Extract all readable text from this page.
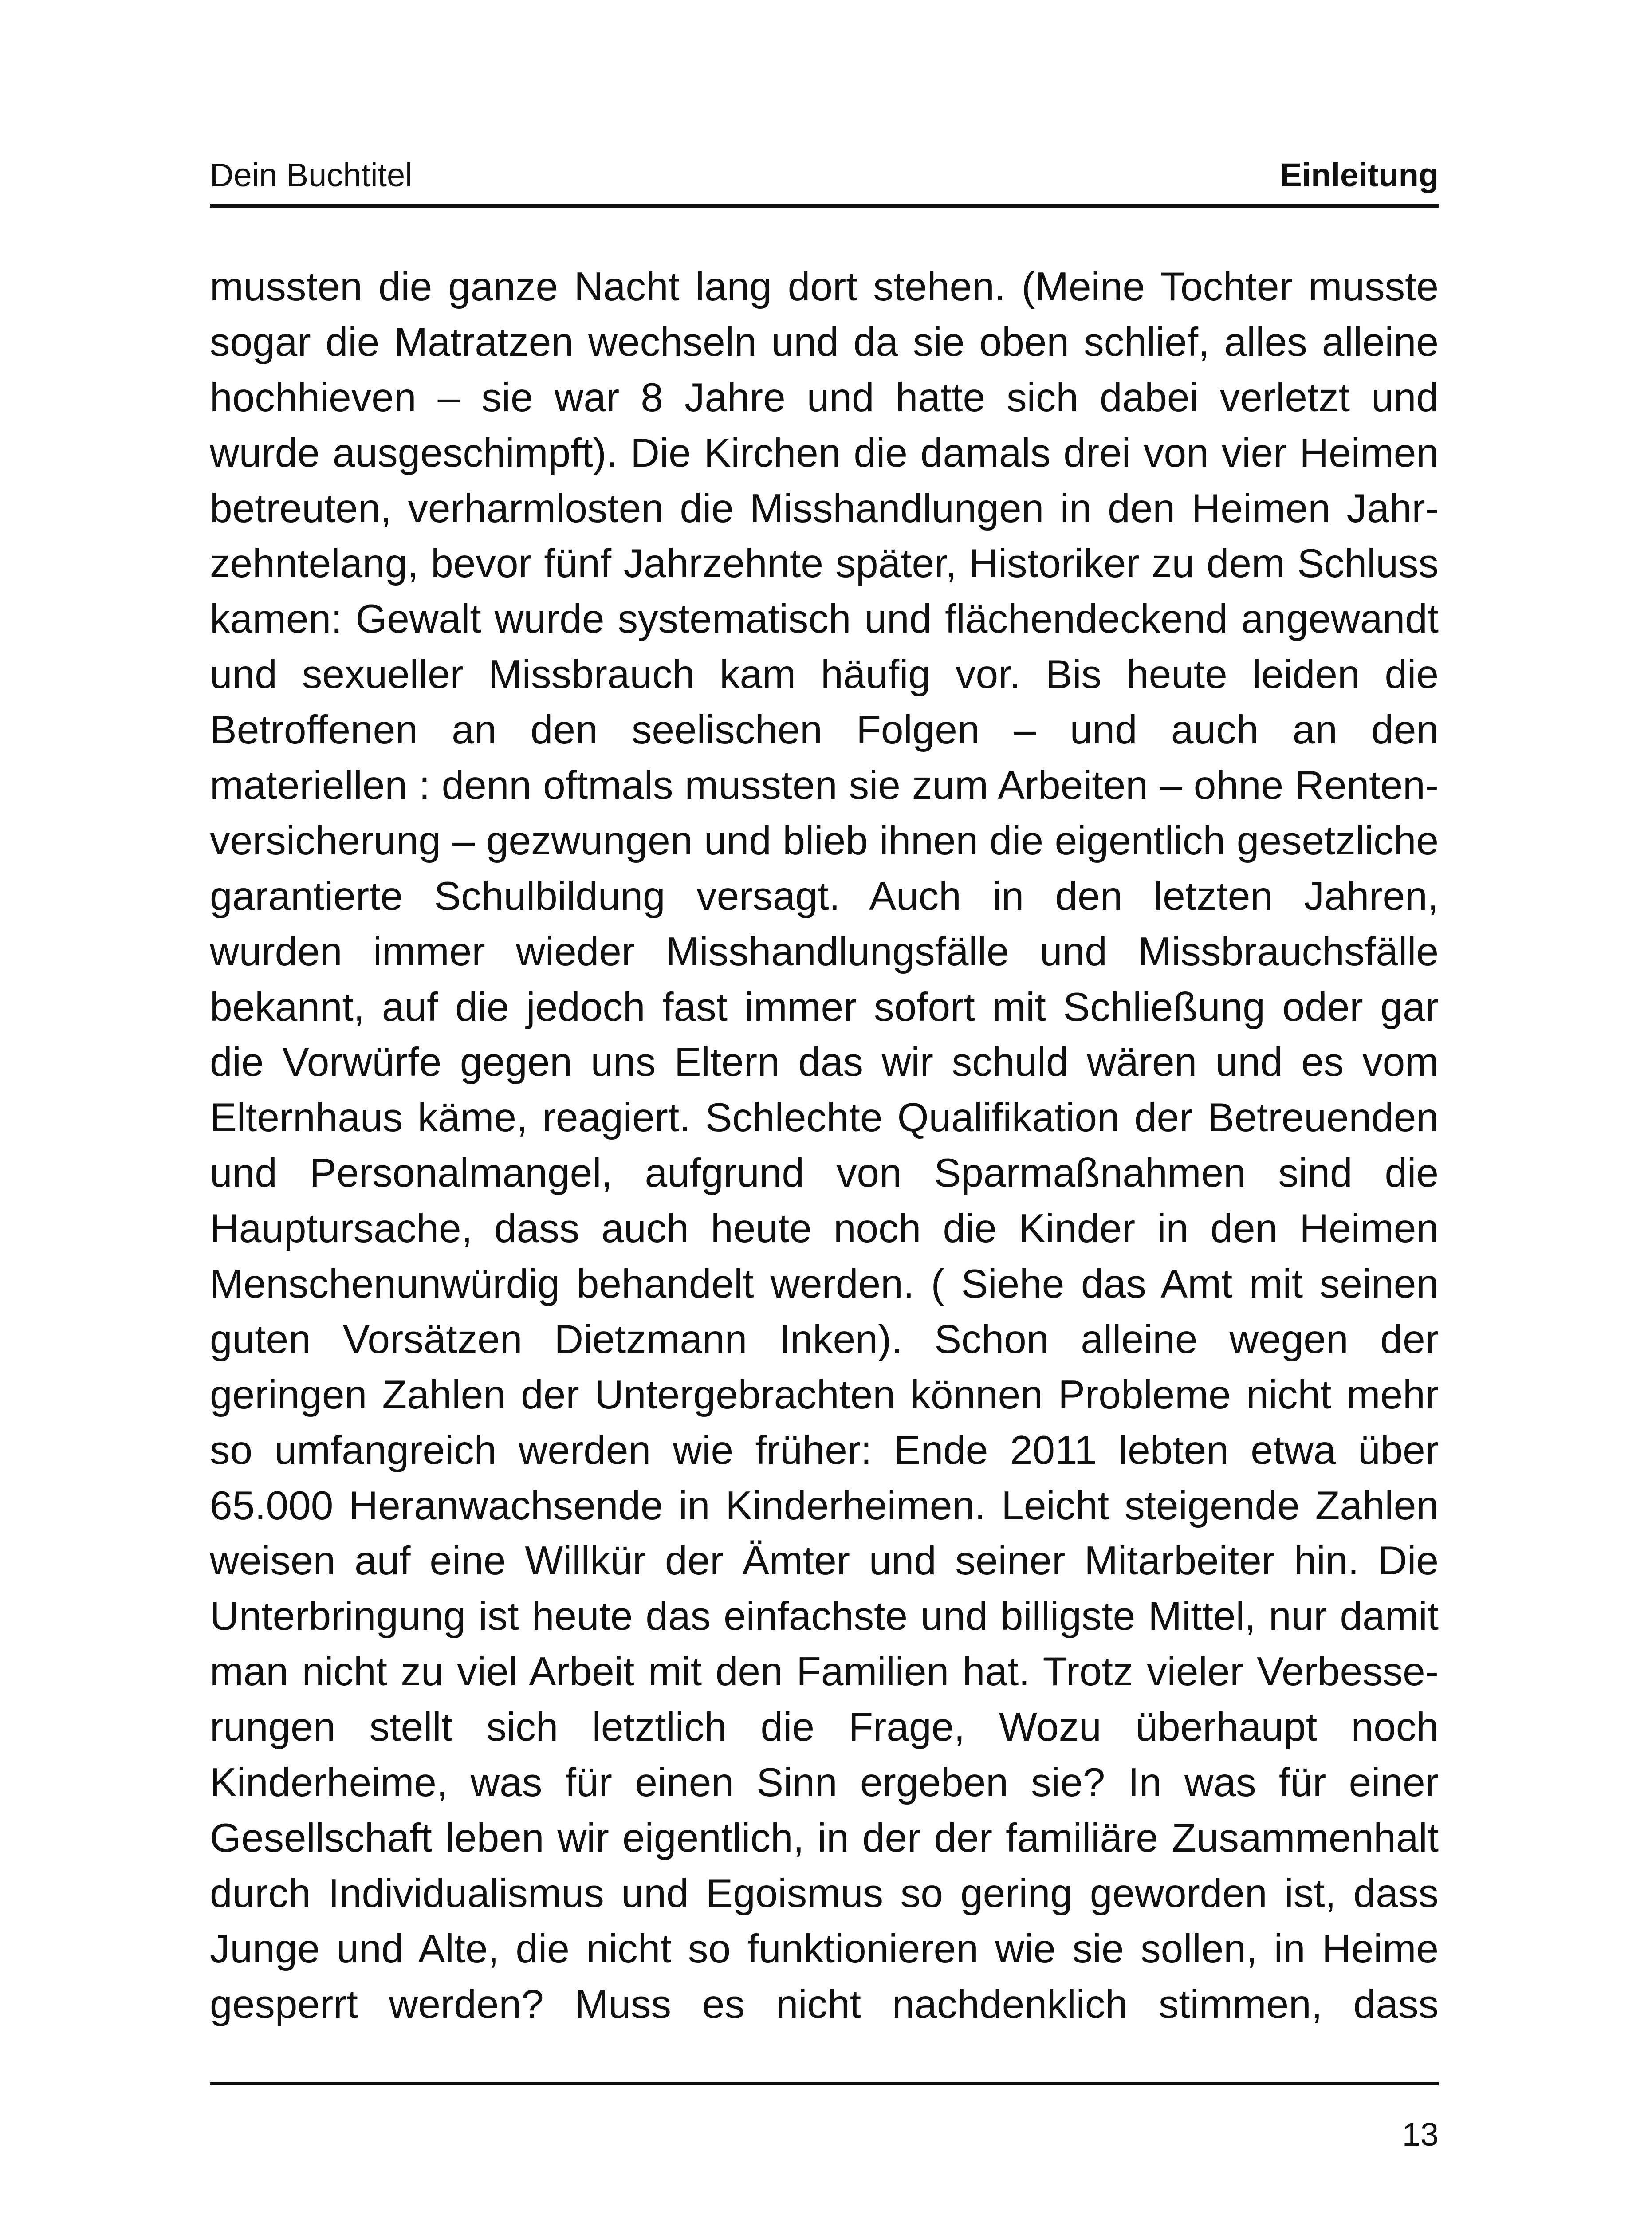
Dein Buchtitel	Einleitung
mussten die ganze Nacht lang dort stehen. (Meine Tochter musste
sogar die Matratzen wechseln und da sie oben schlief, alles alleine
hochhieven – sie war 8 Jahre und hatte sich dabei verletzt und
wurde ausgeschimpft). Die Kirchen die damals drei von vier Heimen
betreuten, verharmlosten die Misshandlungen in den Heimen Jahr-
zehntelang, bevor fünf Jahrzehnte später, Historiker zu dem Schluss
kamen: Gewalt wurde systematisch und flächendeckend angewandt
und sexueller Missbrauch kam häufig vor. Bis heute leiden die
Betroffenen an den seelischen Folgen – und auch an den
materiellen : denn oftmals mussten sie zum Arbeiten – ohne Renten-
versicherung – gezwungen und blieb ihnen die eigentlich gesetzliche
garantierte Schulbildung versagt. Auch in den letzten Jahren,
wurden immer wieder Misshandlungsfälle und Missbrauchsfälle
bekannt, auf die jedoch fast immer sofort mit Schließung oder gar
die Vorwürfe gegen uns Eltern das wir schuld wären und es vom
Elternhaus käme, reagiert. Schlechte Qualifikation der Betreuenden
und Personalmangel, aufgrund von Sparmaßnahmen sind die
Hauptursache, dass auch heute noch die Kinder in den Heimen
Menschenunwürdig behandelt werden. ( Siehe das Amt mit seinen
guten Vorsätzen Dietzmann Inken). Schon alleine wegen der
geringen Zahlen der Untergebrachten können Probleme nicht mehr
so umfangreich werden wie früher: Ende 2011 lebten etwa über
65.000 Heranwachsende in Kinderheimen. Leicht steigende Zahlen
weisen auf eine Willkür der Ämter und seiner Mitarbeiter hin. Die
Unterbringung ist heute das einfachste und billigste Mittel, nur damit
man nicht zu viel Arbeit mit den Familien hat. Trotz vieler Verbesse-
rungen stellt sich letztlich die Frage, Wozu überhaupt noch
Kinderheime, was für einen Sinn ergeben sie? In was für einer
Gesellschaft leben wir eigentlich, in der der familiäre Zusammenhalt
durch Individualismus und Egoismus so gering geworden ist, dass
Junge und Alte, die nicht so funktionieren wie sie sollen, in Heime
gesperrt werden? Muss es nicht nachdenklich stimmen, dass
13
